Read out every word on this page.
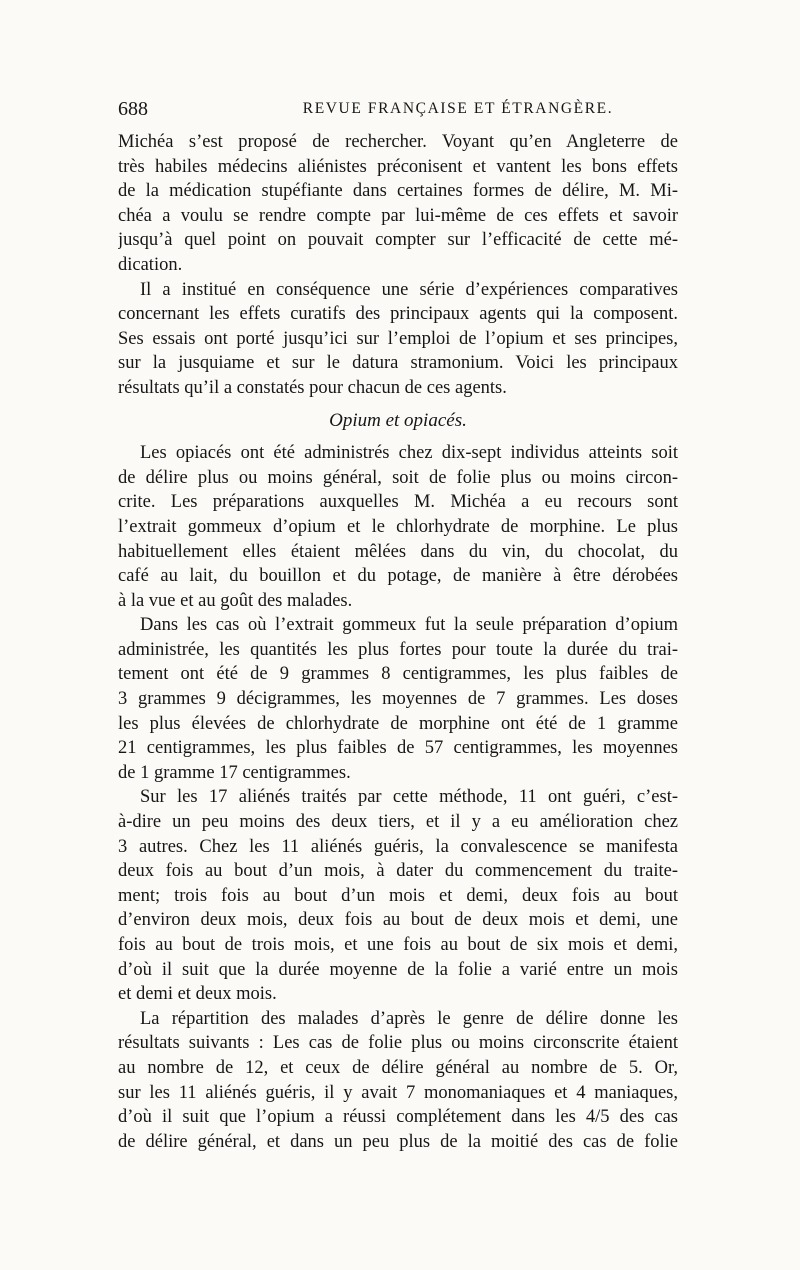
688	REVUE FRANÇAISE ET ÉTRANGÈRE.
Michéa s’est proposé de rechercher. Voyant qu’en Angleterre de
très habiles médecins aliénistes préconisent et vantent les bons effets
de la médication stupéfiante dans certaines formes de délire, M. Mi-
chéa a voulu se rendre compte par lui-même de ces effets et savoir
jusqu’à quel point on pouvait compter sur l’efficacité de cette mé-
dication.
Il a institué en conséquence une série d’expériences comparatives
concernant les effets curatifs des principaux agents qui la composent.
Ses essais ont porté jusqu’ici sur l’emploi de l’opium et ses principes,
sur la jusquiame et sur le datura stramonium. Voici les principaux
résultats qu’il a constatés pour chacun de ces agents.
Opium et opiacés.
Les opiacés ont été administrés chez dix-sept individus atteints soit
de délire plus ou moins général, soit de folie plus ou moins circon-
crite. Les préparations auxquelles M. Michéa a eu recours sont
l’extrait gommeux d’opium et le chlorhydrate de morphine. Le plus
habituellement elles étaient mêlées dans du vin, du chocolat, du
café au lait, du bouillon et du potage, de manière à être dérobées
à la vue et au goût des malades.
Dans les cas où l’extrait gommeux fut la seule préparation d’opium
administrée, les quantités les plus fortes pour toute la durée du trai-
tement ont été de 9 grammes 8 centigrammes, les plus faibles de
3 grammes 9 décigrammes, les moyennes de 7 grammes. Les doses
les plus élevées de chlorhydrate de morphine ont été de 1 gramme
21 centigrammes, les plus faibles de 57 centigrammes, les moyennes
de 1 gramme 17 centigrammes.
Sur les 17 aliénés traités par cette méthode, 11 ont guéri, c’est-
à-dire un peu moins des deux tiers, et il y a eu amélioration chez
3 autres. Chez les 11 aliénés guéris, la convalescence se manifesta
deux fois au bout d’un mois, à dater du commencement du traite-
ment; trois fois au bout d’un mois et demi, deux fois au bout
d’environ deux mois, deux fois au bout de deux mois et demi, une
fois au bout de trois mois, et une fois au bout de six mois et demi,
d’où il suit que la durée moyenne de la folie a varié entre un mois
et demi et deux mois.
La répartition des malades d’après le genre de délire donne les
résultats suivants : Les cas de folie plus ou moins circonscrite étaient
au nombre de 12, et ceux de délire général au nombre de 5. Or,
sur les 11 aliénés guéris, il y avait 7 monomaniaques et 4 maniaques,
d’où il suit que l’opium a réussi complétement dans les 4/5 des cas
de délire général, et dans un peu plus de la moitié des cas de folie
